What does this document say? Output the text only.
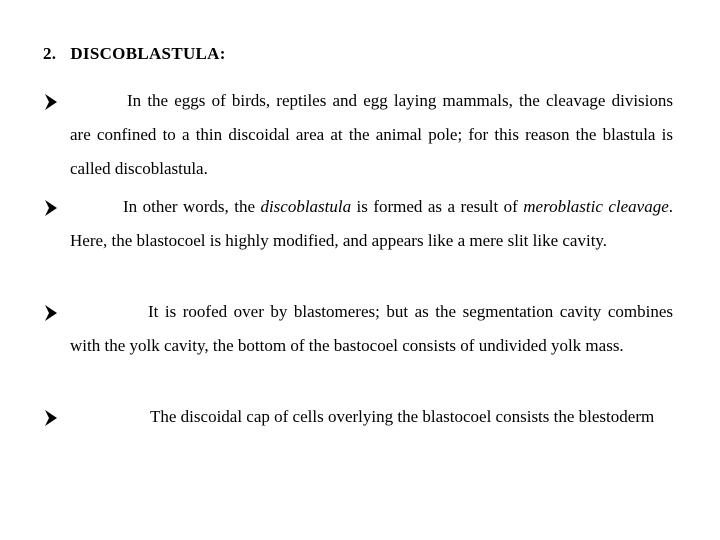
2. DISCOBLASTULA:
In the eggs of birds, reptiles and egg laying mammals, the cleavage divisions are confined to a thin discoidal area at the animal pole; for this reason the blastula is called discoblastula.
In other words, the discoblastula is formed as a result of meroblastic cleavage. Here, the blastocoel is highly modified, and appears like a mere slit like cavity.
It is roofed over by blastomeres; but as the segmentation cavity combines with the yolk cavity, the bottom of the bastocoel consists of undivided yolk mass.
The discoidal cap of cells overlying the blastocoel consists the blestoderm
